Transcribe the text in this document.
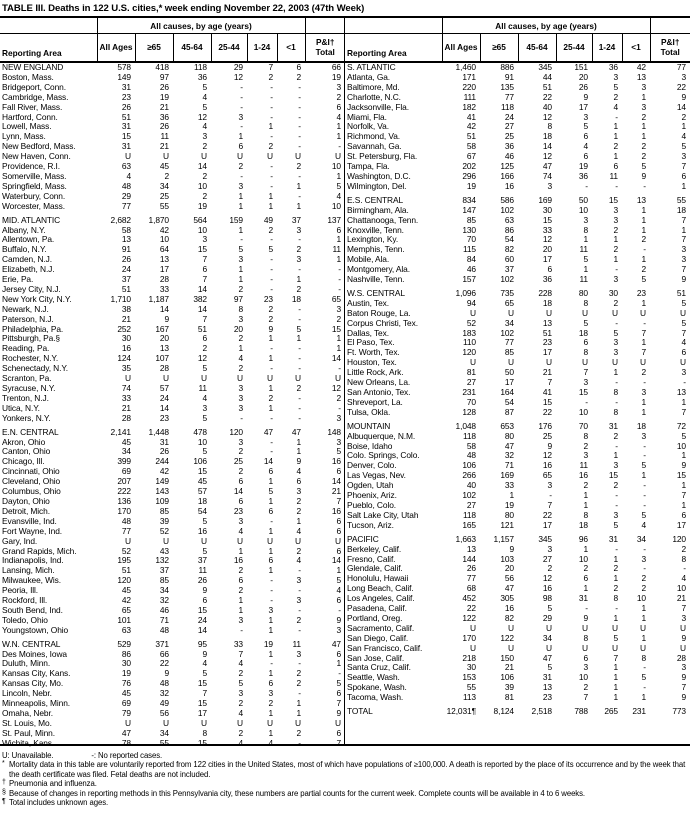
TABLE III. Deaths in 122 U.S. cities,* week ending November 22, 2003 (47th Week)
	All causes, by age (years)						
Reporting Area	All Ages	≥65	45-64	25-44	1-24	<1	P&I†
Total
NEW ENGLAND	578	418	118	29	7	6	66
Boston, Mass.	149	97	36	12	2	2	19
Bridgeport, Conn.	31	26	5	-	-	-	3
Cambridge, Mass.	23	19	4	-	-	-	2
Fall River, Mass.	26	21	5	-	-	-	6
Hartford, Conn.	51	36	12	3	-	-	4
Lowell, Mass.	31	26	4	-	1	-	1
Lynn, Mass.	15	11	3	1	-	-	1
New Bedford, Mass.	31	21	2	6	2	-	-
New Haven, Conn.	U	U	U	U	U	U	U
Providence, R.I.	63	45	14	2	-	2	10
Somerville, Mass.	4	2	2	-	-	-	1
Springfield, Mass.	48	34	10	3	-	1	5
Waterbury, Conn.	29	25	2	1	1	-	4
Worcester, Mass.	77	55	19	1	1	1	10

MID. ATLANTIC	2,682	1,870	564	159	49	37	137
Albany, N.Y.	58	42	10	1	2	3	6
Allentown, Pa.	13	10	3	-	-	-	1
Buffalo, N.Y.	91	64	15	5	5	2	11
Camden, N.J.	26	13	7	3	-	3	1
Elizabeth, N.J.	24	17	6	1	-	-	-
Erie, Pa.	37	28	7	1	-	1	-
Jersey City, N.J.	51	33	14	2	-	2	-
New York City, N.Y.	1,710	1,187	382	97	23	18	65
Newark, N.J.	38	14	14	8	2	-	3
Paterson, N.J.	21	9	7	3	2	-	2
Philadelphia, Pa.	252	167	51	20	9	5	15
Pittsburgh, Pa.§	30	20	6	2	1	1	1
Reading, Pa.	16	13	2	1	-	-	1
Rochester, N.Y.	124	107	12	4	1	-	14
Schenectady, N.Y.	35	28	5	2	-	-	-
Scranton, Pa.	U	U	U	U	U	U	U
Syracuse, N.Y.	74	57	11	3	1	2	12
Trenton, N.J.	33	24	4	3	2	-	2
Utica, N.Y.	21	14	3	3	1	-	-
Yonkers, N.Y.	28	23	5	-	-	-	3

E.N. CENTRAL	2,141	1,448	478	120	47	47	148
Akron, Ohio	45	31	10	3	-	1	3
Canton, Ohio	34	26	5	2	-	1	5
Chicago, Ill.	399	244	106	25	14	9	16
Cincinnati, Ohio	69	42	15	2	6	4	6
Cleveland, Ohio	207	149	45	6	1	6	14
Columbus, Ohio	222	143	57	14	5	3	21
Dayton, Ohio	136	109	18	6	1	2	7
Detroit, Mich.	170	85	54	23	6	2	16
Evansville, Ind.	48	39	5	3	-	1	6
Fort Wayne, Ind.	77	52	16	4	1	4	6
Gary, Ind.	U	U	U	U	U	U	U
Grand Rapids, Mich.	52	43	5	1	1	2	6
Indianapolis, Ind.	195	132	37	16	6	4	14
Lansing, Mich.	51	37	11	2	1	-	1
Milwaukee, Wis.	120	85	26	6	-	3	5
Peoria, Ill.	45	34	9	2	-	-	4
Rockford, Ill.	42	32	6	1	-	3	6
South Bend, Ind.	65	46	15	1	3	-	-
Toledo, Ohio	101	71	24	3	1	2	9
Youngstown, Ohio	63	48	14	-	1	-	3

W.N. CENTRAL	529	371	95	33	19	11	47
Des Moines, Iowa	86	66	9	7	1	3	6
Duluth, Minn.	30	22	4	4	-	-	1
Kansas City, Kans.	19	9	5	2	1	2	-
Kansas City, Mo.	76	48	15	5	6	2	5
Lincoln, Nebr.	45	32	7	3	3	-	6
Minneapolis, Minn.	69	49	15	2	2	1	7
Omaha, Nebr.	79	56	17	4	1	1	9
St. Louis, Mo.	U	U	U	U	U	U	U
St. Paul, Minn.	47	34	8	2	1	2	6
Wichita, Kans.	78	55	15	4	4	-	7
	All causes, by age (years)						
Reporting Area	All Ages	≥65	45-64	25-44	1-24	<1	P&I†
Total
S. ATLANTIC	1,460	886	345	151	36	42	77
Atlanta, Ga.	171	91	44	20	3	13	3
Baltimore, Md.	220	135	51	26	5	3	22
Charlotte, N.C.	111	77	22	9	2	1	9
Jacksonville, Fla.	182	118	40	17	4	3	14
Miami, Fla.	41	24	12	3	-	2	2
Norfolk, Va.	42	27	8	5	1	1	1
Richmond, Va.	51	25	18	6	1	1	4
Savannah, Ga.	58	36	14	4	2	2	5
St. Petersburg, Fla.	67	46	12	6	1	2	3
Tampa, Fla.	202	125	47	19	6	5	7
Washington, D.C.	296	166	74	36	11	9	6
Wilmington, Del.	19	16	3	-	-	-	1

E.S. CENTRAL	834	586	169	50	15	13	55
Birmingham, Ala.	147	102	30	10	3	1	18
Chattanooga, Tenn.	85	63	15	3	3	1	7
Knoxville, Tenn.	130	86	33	8	2	1	1
Lexington, Ky.	70	54	12	1	1	2	7
Memphis, Tenn.	115	82	20	11	2	-	3
Mobile, Ala.	84	60	17	5	1	1	3
Montgomery, Ala.	46	37	6	1	-	2	7
Nashville, Tenn.	157	102	36	11	3	5	9

W.S. CENTRAL	1,096	735	228	80	30	23	51
Austin, Tex.	94	65	18	8	2	1	5
Baton Rouge, La.	U	U	U	U	U	U	U
Corpus Christi, Tex.	52	34	13	5	-	-	5
Dallas, Tex.	183	102	51	18	5	7	7
El Paso, Tex.	110	77	23	6	3	1	4
Ft. Worth, Tex.	120	85	17	8	3	7	6
Houston, Tex.	U	U	U	U	U	U	U
Little Rock, Ark.	81	50	21	7	1	2	3
New Orleans, La.	27	17	7	3	-	-	-
San Antonio, Tex.	231	164	41	15	8	3	13
Shreveport, La.	70	54	15	-	-	1	1
Tulsa, Okla.	128	87	22	10	8	1	7

MOUNTAIN	1,048	653	176	70	31	18	72
Albuquerque, N.M.	118	80	25	8	2	3	5
Boise, Idaho	58	47	9	2	-	-	10
Colo. Springs, Colo.	48	32	12	3	1	-	1
Denver, Colo.	106	71	16	11	3	5	9
Las Vegas, Nev.	266	169	65	16	15	1	15
Ogden, Utah	40	33	3	2	2	-	1
Phoenix, Ariz.	102	1	-	1	-	-	7
Pueblo, Colo.	27	19	7	1	-	-	1
Salt Lake City, Utah	118	80	22	8	3	5	6
Tucson, Ariz.	165	121	17	18	5	4	17

PACIFIC	1,663	1,157	345	96	31	34	120
Berkeley, Calif.	13	9	3	1	-	-	2
Fresno, Calif.	144	103	27	10	1	3	8
Glendale, Calif.	26	20	2	2	2	-	-
Honolulu, Hawaii	77	56	12	6	1	2	4
Long Beach, Calif.	68	47	16	1	2	2	10
Los Angeles, Calif.	452	305	98	31	8	10	21
Pasadena, Calif.	22	16	5	-	-	1	7
Portland, Oreg.	122	82	29	9	1	1	3
Sacramento, Calif.	U	U	U	U	U	U	U
San Diego, Calif.	170	122	34	8	5	1	9
San Francisco, Calif.	U	U	U	U	U	U	U
San Jose, Calif.	218	150	47	6	7	8	28
Santa Cruz, Calif.	30	21	5	3	1	-	3
Seattle, Wash.	153	106	31	10	1	5	9
Spokane, Wash.	55	39	13	2	1	-	7
Tacoma, Wash.	113	81	23	7	1	1	9

TOTAL	12,031¶	8,124	2,518	788	265	231	773
U: Unavailable.	-: No reported cases.
* Mortality data in this table are voluntarily reported from 122 cities in the United States, most of which have populations of ≥100,000. A death is reported by the place of its occurrence and by the week that the death certificate was filed. Fetal deaths are not included.
† Pneumonia and influenza.
§ Because of changes in reporting methods in this Pennsylvania city, these numbers are partial counts for the current week. Complete counts will be available in 4 to 6 weeks.
¶ Total includes unknown ages.
